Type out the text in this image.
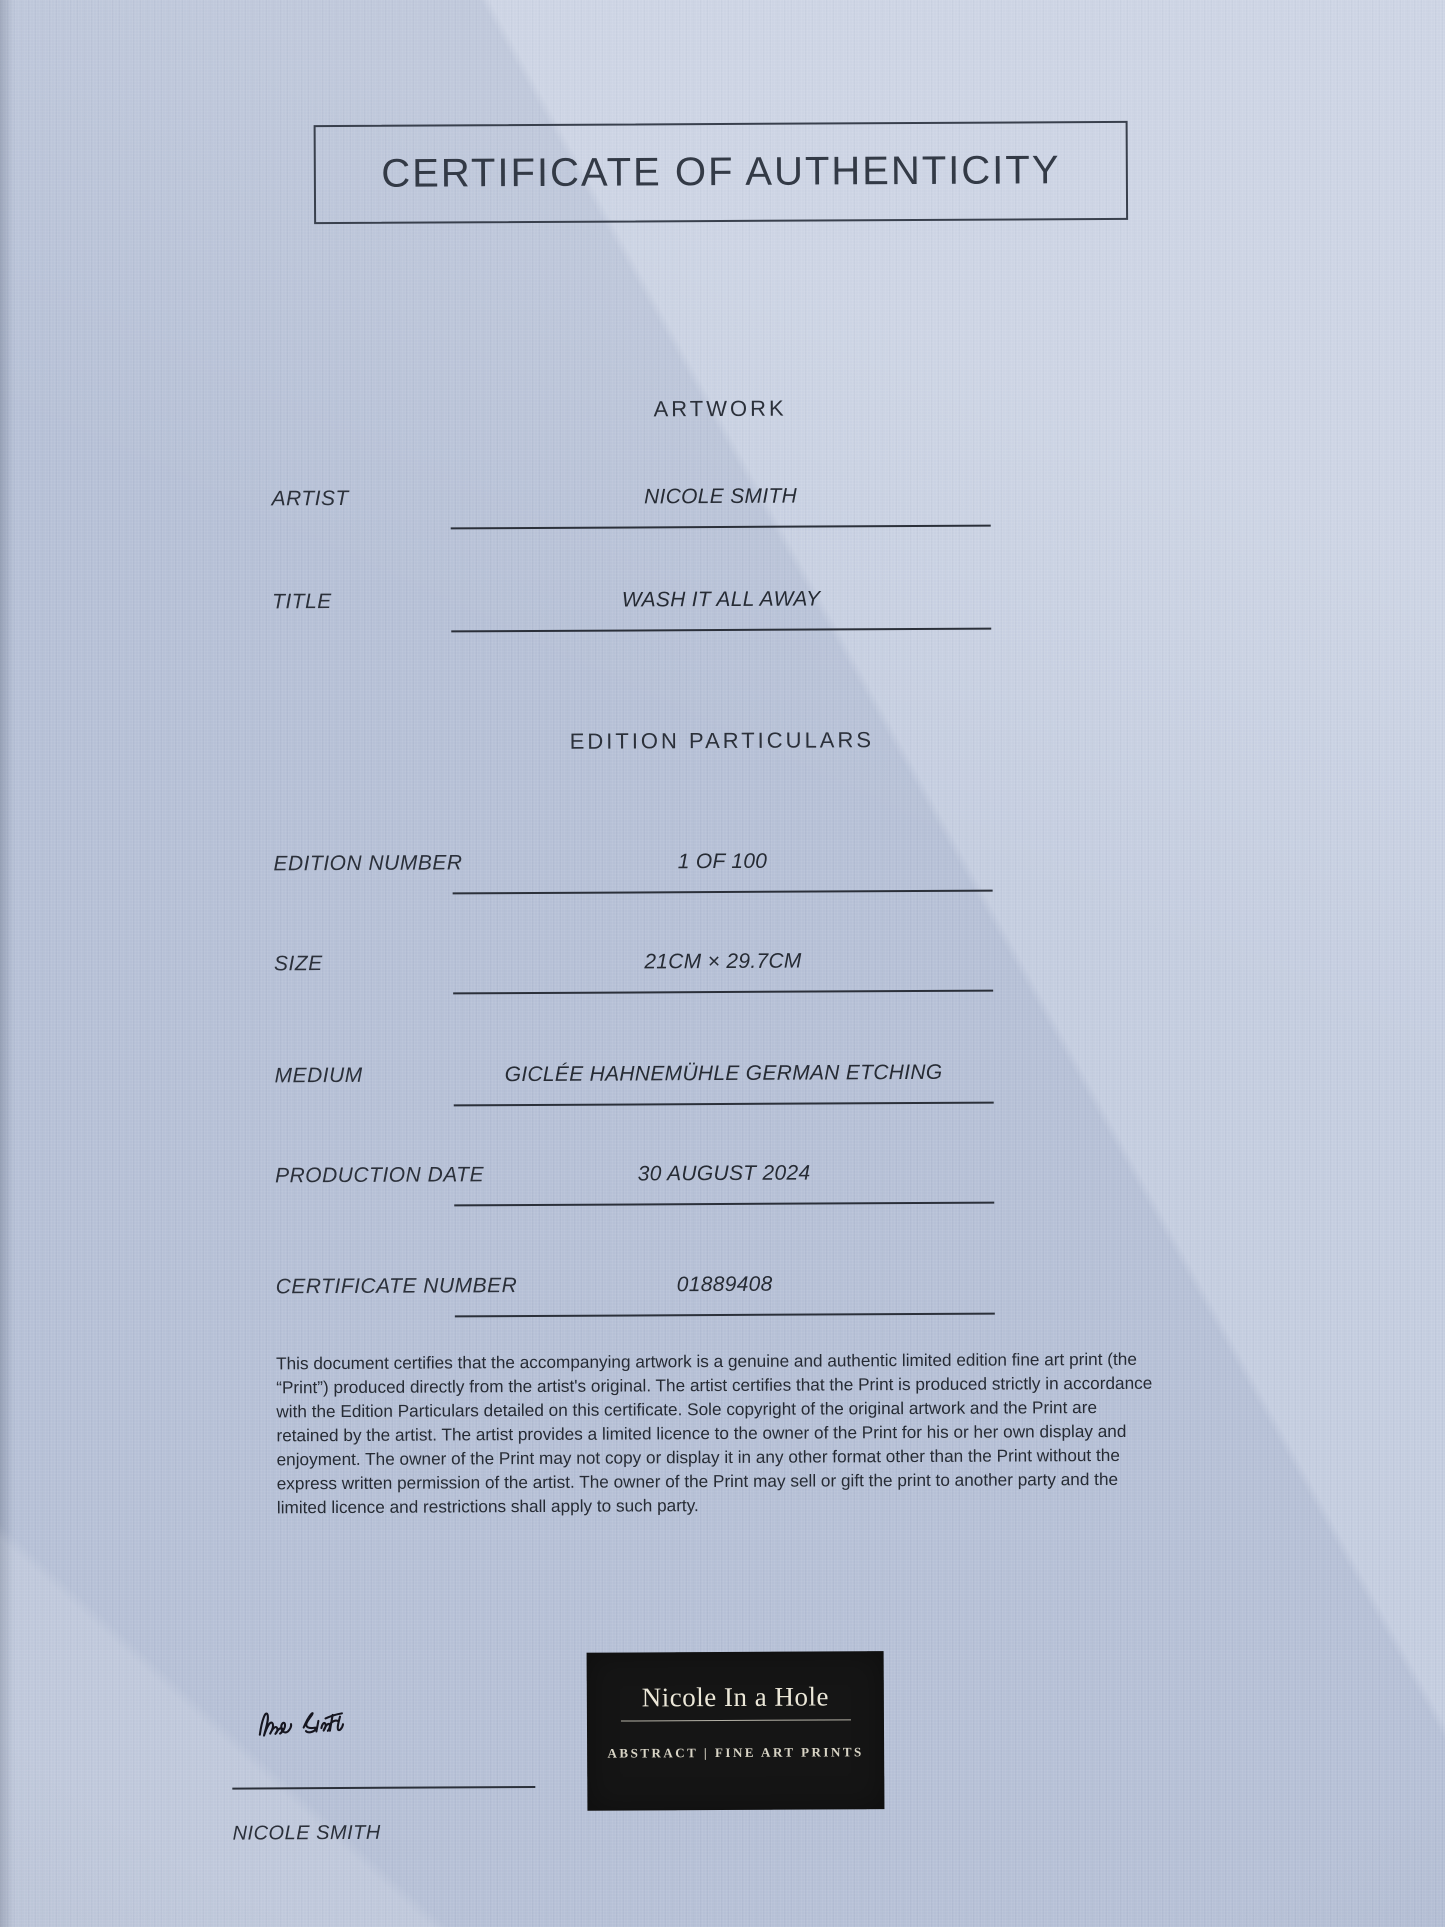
CERTIFICATE OF AUTHENTICITY
ARTWORK
ARTIST	NICOLE SMITH
TITLE	WASH IT ALL AWAY
EDITION PARTICULARS
EDITION NUMBER	1 OF 100
SIZE	21CM × 29.7CM
MEDIUM	GICLÉE HAHNEMÜHLE GERMAN ETCHING
PRODUCTION DATE	30 AUGUST 2024
CERTIFICATE NUMBER	01889408

This document certifies that the accompanying artwork is a genuine and authentic limited edition fine art print (the “Print”) produced directly from the artist's original. The artist certifies that the Print is produced strictly in accordance with the Edition Particulars detailed on this certificate. Sole copyright of the original artwork and the Print are retained by the artist. The artist provides a limited licence to the owner of the Print for his or her own display and enjoyment. The owner of the Print may not copy or display it in any other format other than the Print without the express written permission of the artist. The owner of the Print may sell or gift the print to another party and the limited licence and restrictions shall apply to such party.

NICOLE SMITH
Nicole In a Hole
ABSTRACT | FINE ART PRINTS
